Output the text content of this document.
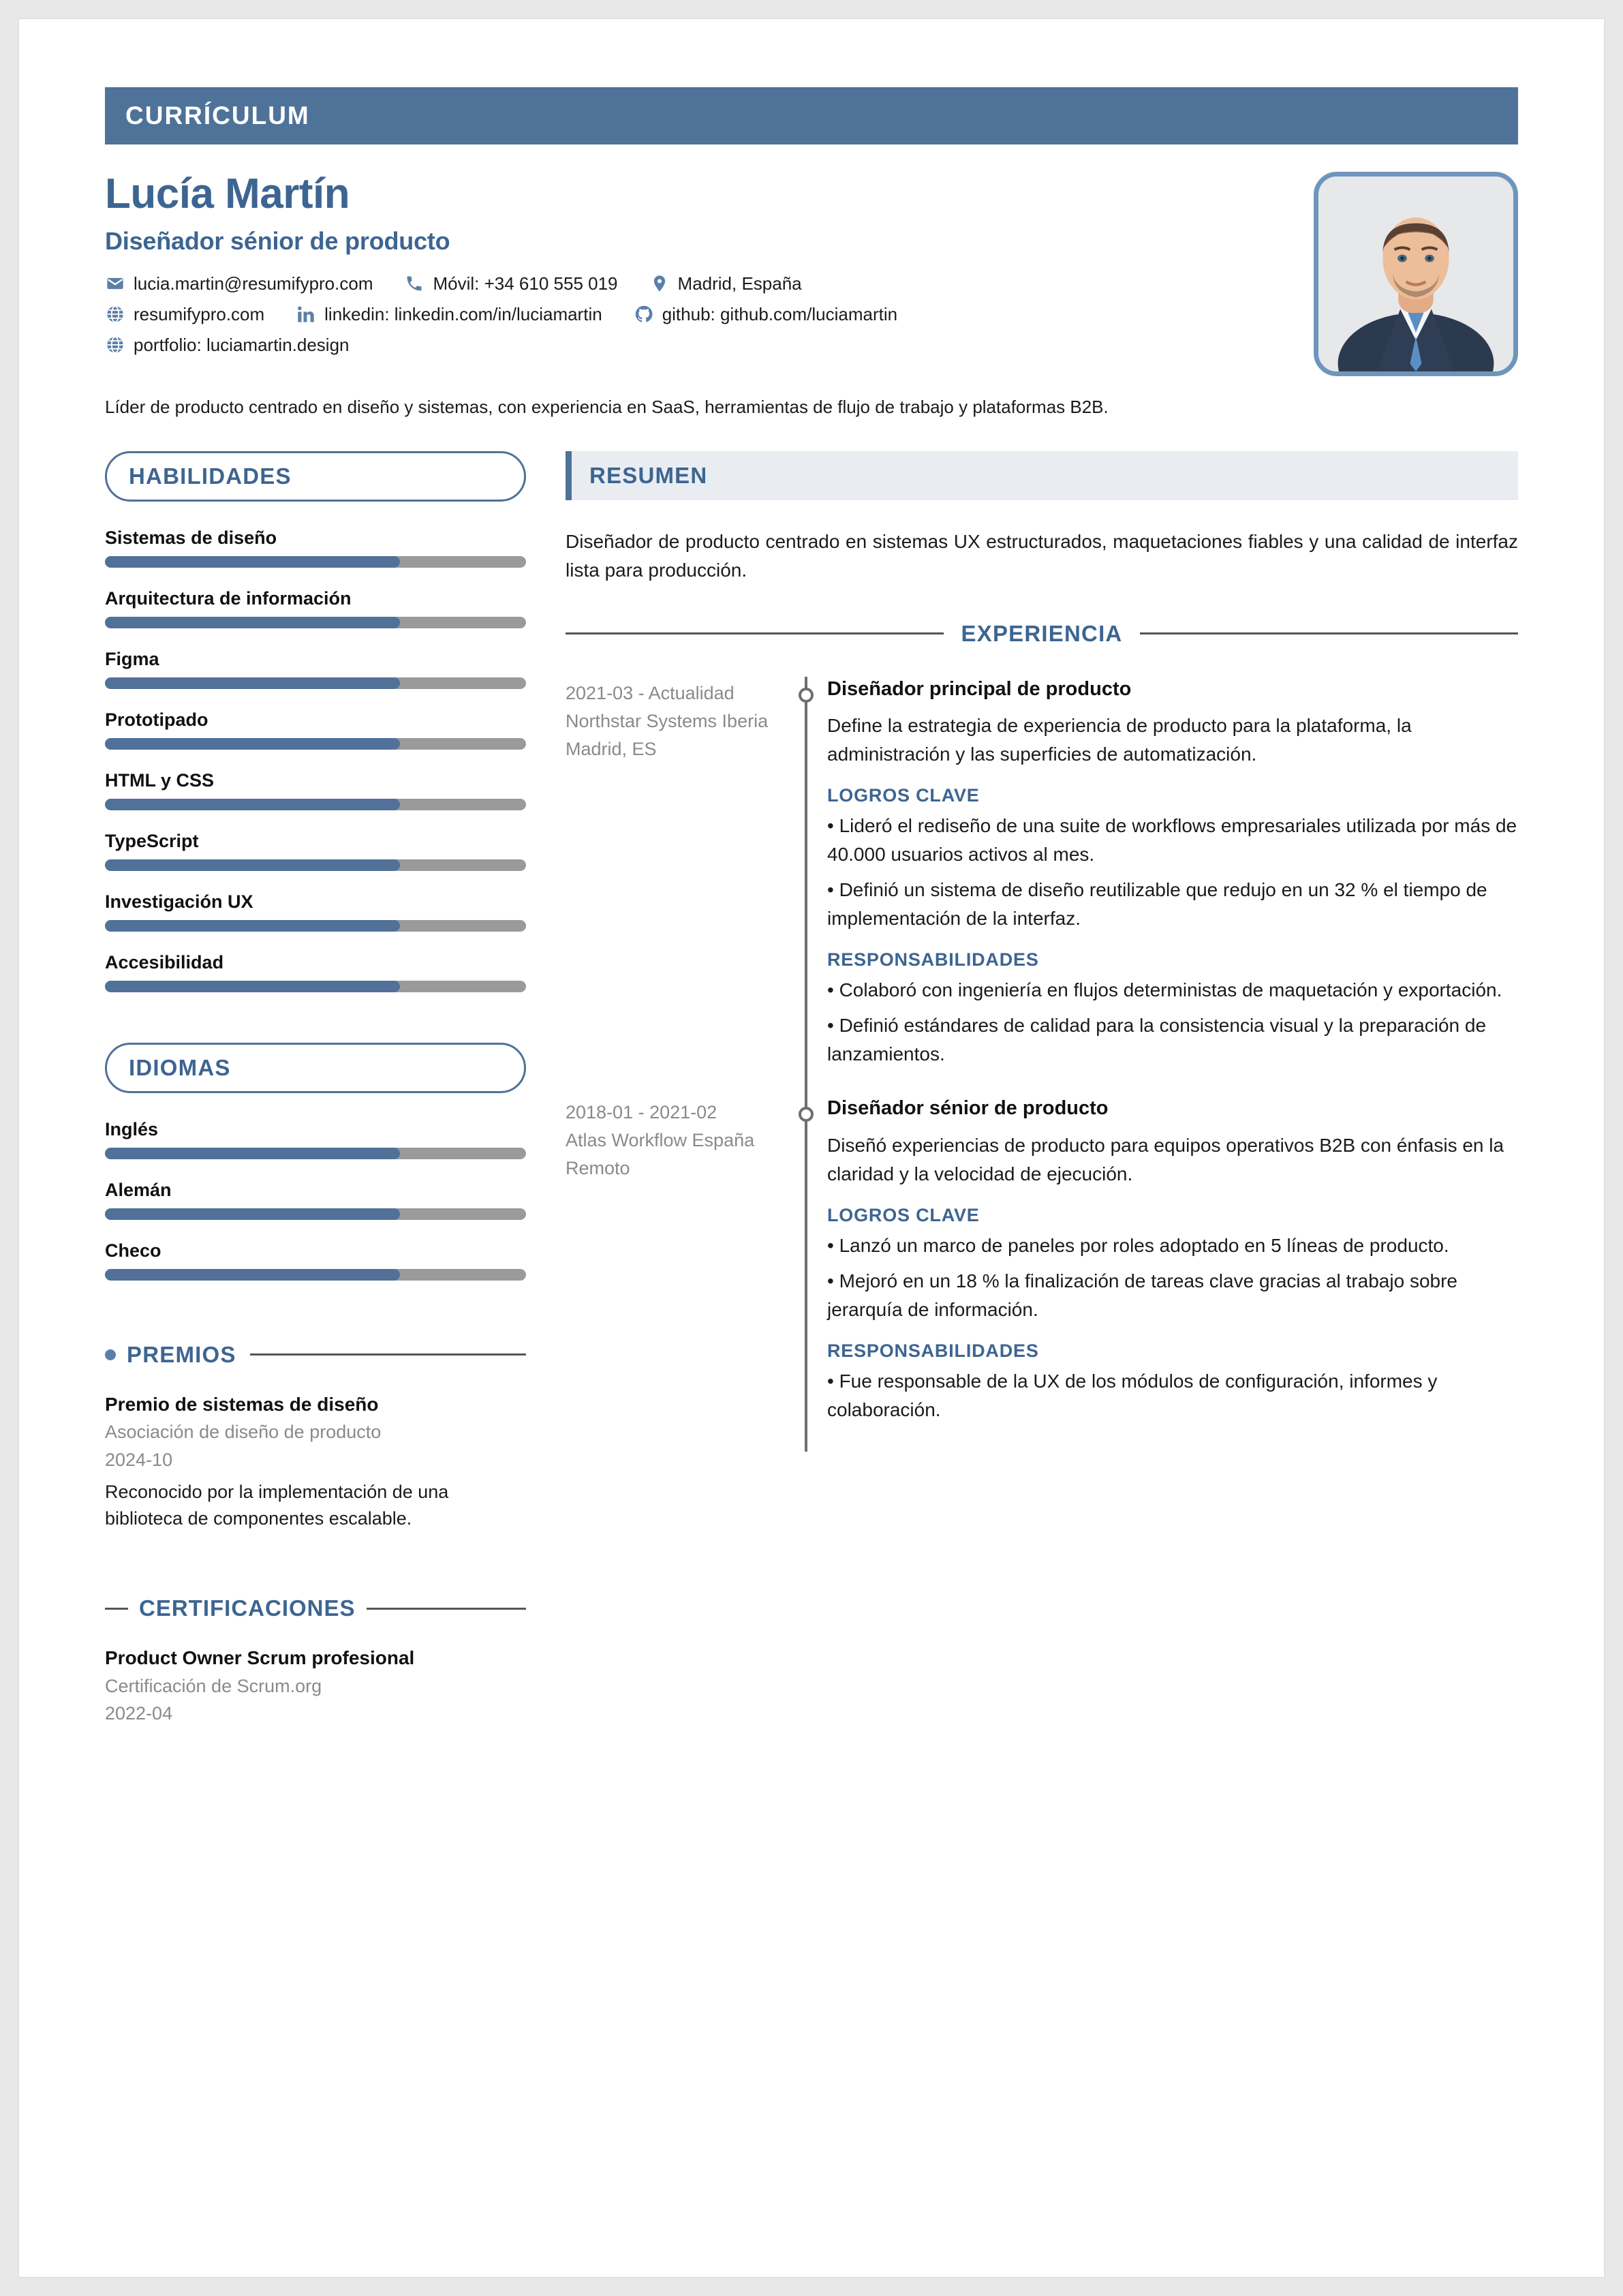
CURRÍCULUM
Lucía Martín
Diseñador sénior de producto
lucia.martin@resumifypro.com	Móvil: +34 610 555 019	Madrid, España
resumifypro.com	linkedin: linkedin.com/in/luciamartin	github: github.com/luciamartin
portfolio: luciamartin.design
Líder de producto centrado en diseño y sistemas, con experiencia en SaaS, herramientas de flujo de trabajo y plataformas B2B.
HABILIDADES
Sistemas de diseño
Arquitectura de información
Figma
Prototipado
HTML y CSS
TypeScript
Investigación UX
Accesibilidad
IDIOMAS
Inglés
Alemán
Checo
PREMIOS
Premio de sistemas de diseño
Asociación de diseño de producto
2024-10
Reconocido por la implementación de una biblioteca de componentes escalable.
CERTIFICACIONES
Product Owner Scrum profesional
Certificación de Scrum.org
2022-04
RESUMEN
Diseñador de producto centrado en sistemas UX estructurados, maquetaciones fiables y una calidad de interfaz lista para producción.
EXPERIENCIA
2021-03 - Actualidad
Northstar Systems Iberia
Madrid, ES
Diseñador principal de producto
Define la estrategia de experiencia de producto para la plataforma, la administración y las superficies de automatización.
LOGROS CLAVE
• Lideró el rediseño de una suite de workflows empresariales utilizada por más de 40.000 usuarios activos al mes.
• Definió un sistema de diseño reutilizable que redujo en un 32 % el tiempo de implementación de la interfaz.
RESPONSABILIDADES
• Colaboró con ingeniería en flujos deterministas de maquetación y exportación.
• Definió estándares de calidad para la consistencia visual y la preparación de lanzamientos.
2018-01 - 2021-02
Atlas Workflow España
Remoto
Diseñador sénior de producto
Diseñó experiencias de producto para equipos operativos B2B con énfasis en la claridad y la velocidad de ejecución.
LOGROS CLAVE
• Lanzó un marco de paneles por roles adoptado en 5 líneas de producto.
• Mejoró en un 18 % la finalización de tareas clave gracias al trabajo sobre jerarquía de información.
RESPONSABILIDADES
• Fue responsable de la UX de los módulos de configuración, informes y colaboración.
